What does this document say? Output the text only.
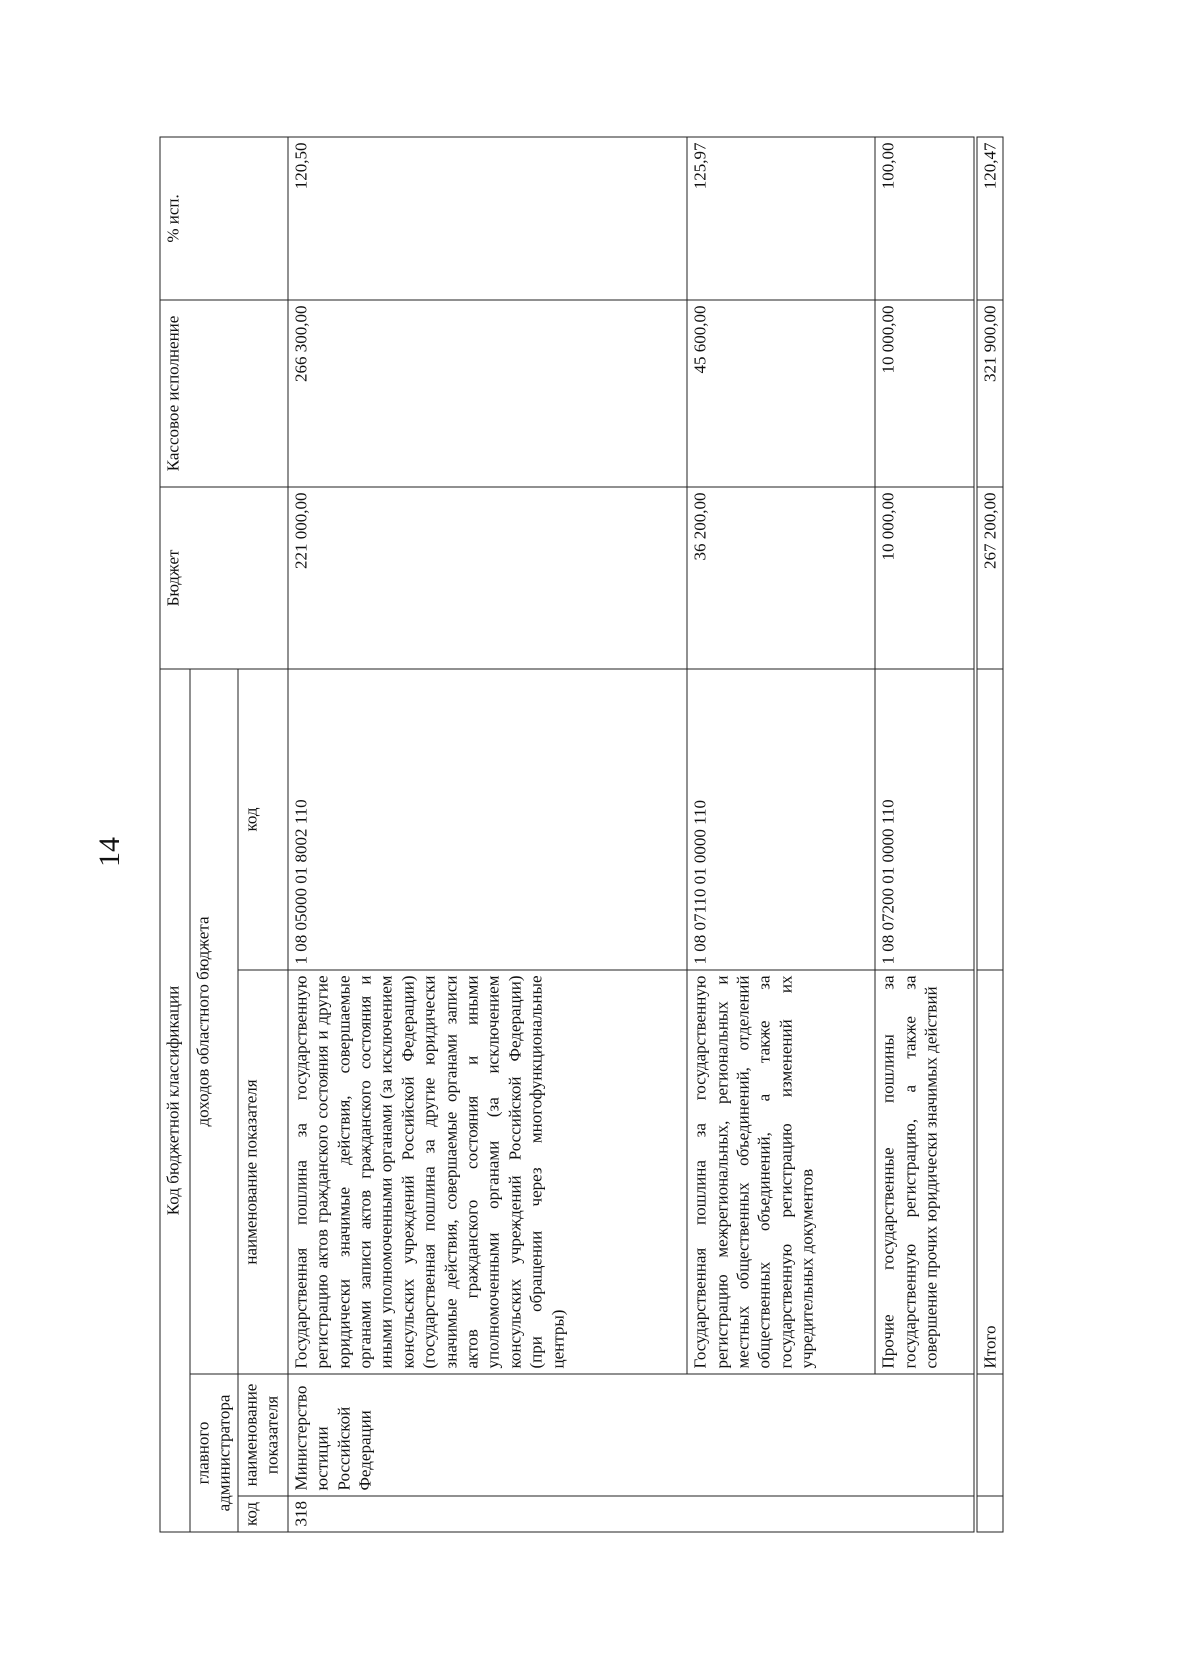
14
Код бюджетной классификации				Бюджет	Кассовое исполнение	% исп.
главного администратора		доходов областного бюджета				
код	наименование показателя	наименование показателя	код			
318	Министерство юстиции Российской Федерации	Государственная пошлина за государственную регистрацию актов гражданского состояния и другие юридически значимые действия, совершаемые органами записи актов гражданского состояния и иными уполномоченными органами (за исключением консульских учреждений Российской Федерации) (государственная пошлина за другие юридически значимые действия, совершаемые органами записи актов гражданского состояния и иными уполномоченными органами (за исключением консульских учреждений Российской Федерации) (при обращении через многофункциональные центры)	1 08 05000 01 8002 110	221 000,00	266 300,00	120,50
		Государственная пошлина за государственную регистрацию межрегиональных, региональных и местных общественных объединений, отделений общественных объединений, а также за государственную регистрацию изменений их учредительных документов	1 08 07110 01 0000 110	36 200,00	45 600,00	125,97
		Прочие государственные пошлины за государственную регистрацию, а также за совершение прочих юридически значимых действий	1 08 07200 01 0000 110	10 000,00	10 000,00	100,00
		Итого		267 200,00	321 900,00	120,47
